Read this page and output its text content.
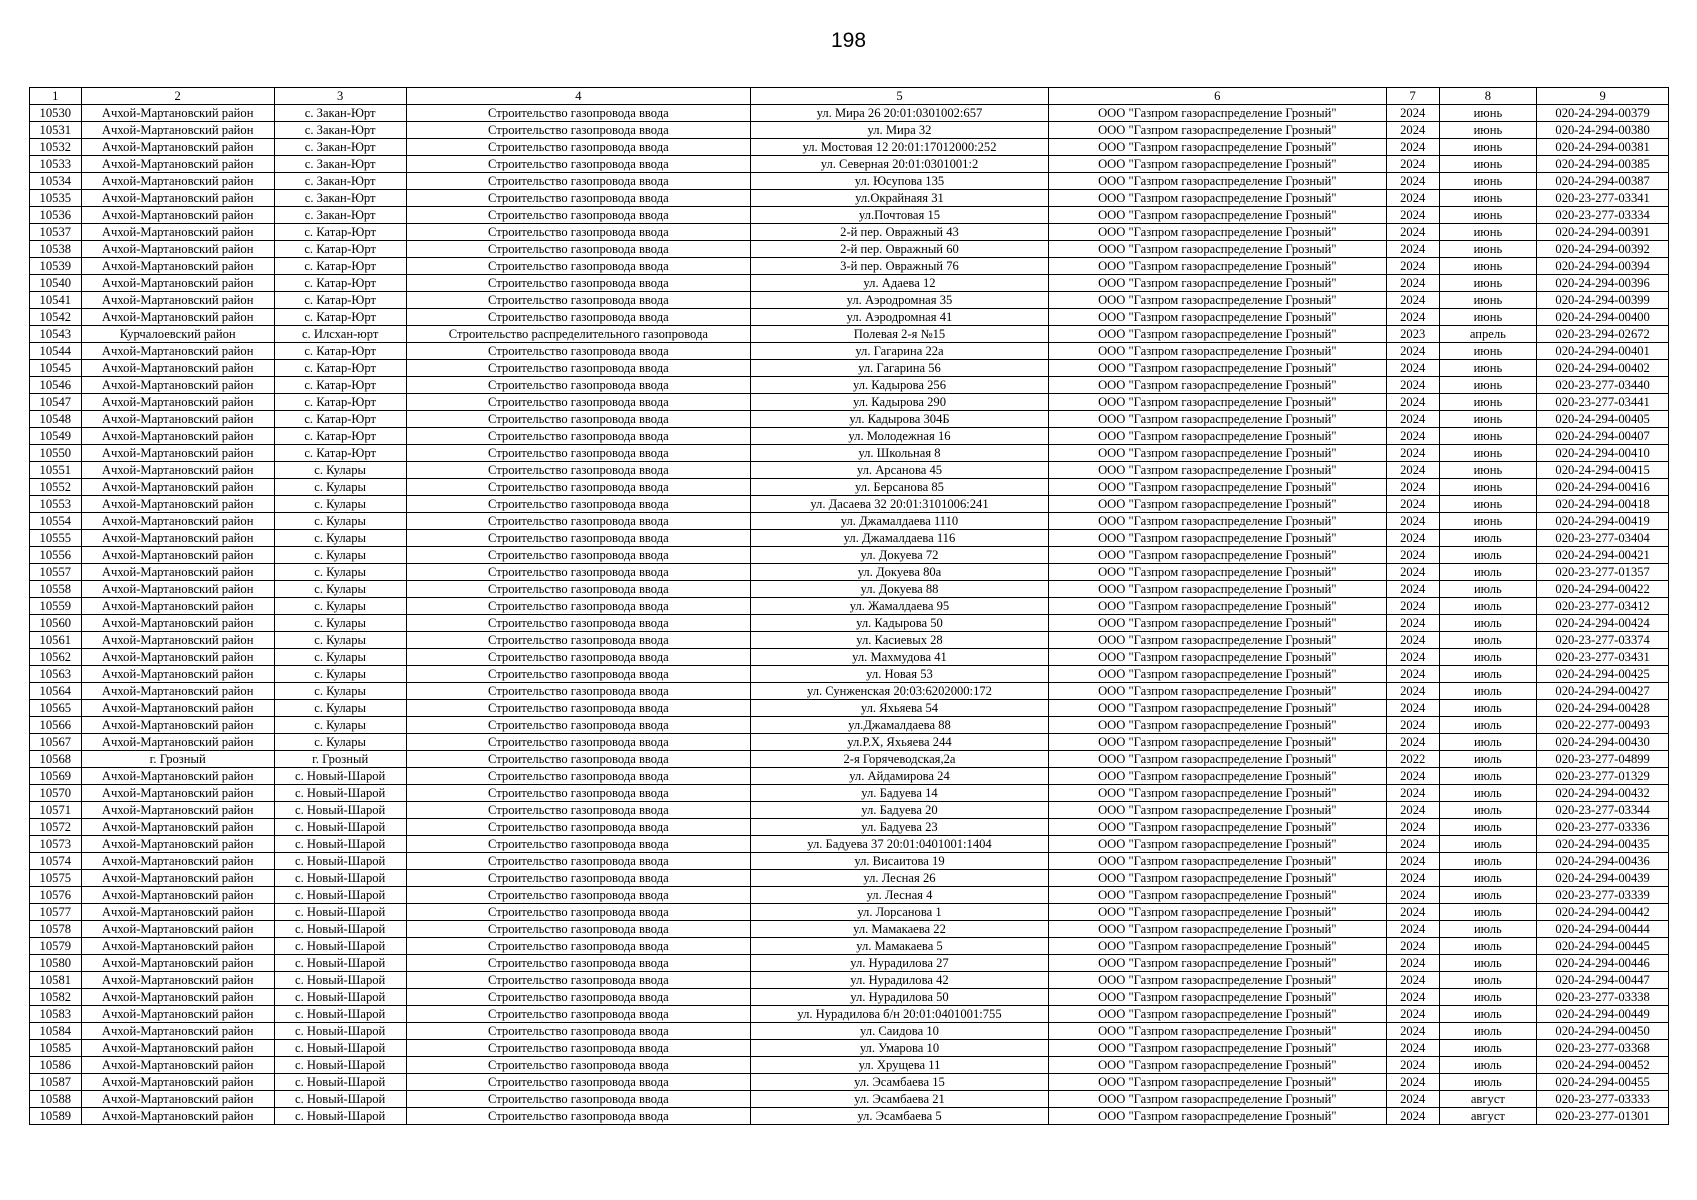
198
1	2	3	4	5	6	7	8	9
10530	Ачхой-Мартановский район	с. Закан-Юрт	Строительство газопровода ввода	ул. Мира 26 20:01:0301002:657	ООО "Газпром газораспределение Грозный"	2024	июнь	020-24-294-00379
10531	Ачхой-Мартановский район	с. Закан-Юрт	Строительство газопровода ввода	ул. Мира 32	ООО "Газпром газораспределение Грозный"	2024	июнь	020-24-294-00380
10532	Ачхой-Мартановский район	с. Закан-Юрт	Строительство газопровода ввода	ул. Мостовая 12 20:01:17012000:252	ООО "Газпром газораспределение Грозный"	2024	июнь	020-24-294-00381
10533	Ачхой-Мартановский район	с. Закан-Юрт	Строительство газопровода ввода	ул. Северная 20:01:0301001:2	ООО "Газпром газораспределение Грозный"	2024	июнь	020-24-294-00385
10534	Ачхой-Мартановский район	с. Закан-Юрт	Строительство газопровода ввода	ул. Юсупова 135	ООО "Газпром газораспределение Грозный"	2024	июнь	020-24-294-00387
10535	Ачхой-Мартановский район	с. Закан-Юрт	Строительство газопровода ввода	ул.Окрайнаяя 31	ООО "Газпром газораспределение Грозный"	2024	июнь	020-23-277-03341
10536	Ачхой-Мартановский район	с. Закан-Юрт	Строительство газопровода ввода	ул.Почтовая 15	ООО "Газпром газораспределение Грозный"	2024	июнь	020-23-277-03334
10537	Ачхой-Мартановский район	с. Катар-Юрт	Строительство газопровода ввода	2-й пер. Овражный 43	ООО "Газпром газораспределение Грозный"	2024	июнь	020-24-294-00391
10538	Ачхой-Мартановский район	с. Катар-Юрт	Строительство газопровода ввода	2-й пер. Овражный 60	ООО "Газпром газораспределение Грозный"	2024	июнь	020-24-294-00392
10539	Ачхой-Мартановский район	с. Катар-Юрт	Строительство газопровода ввода	3-й пер. Овражный 76	ООО "Газпром газораспределение Грозный"	2024	июнь	020-24-294-00394
10540	Ачхой-Мартановский район	с. Катар-Юрт	Строительство газопровода ввода	ул. Адаева 12	ООО "Газпром газораспределение Грозный"	2024	июнь	020-24-294-00396
10541	Ачхой-Мартановский район	с. Катар-Юрт	Строительство газопровода ввода	ул. Аэродромная 35	ООО "Газпром газораспределение Грозный"	2024	июнь	020-24-294-00399
10542	Ачхой-Мартановский район	с. Катар-Юрт	Строительство газопровода ввода	ул. Аэродромная 41	ООО "Газпром газораспределение Грозный"	2024	июнь	020-24-294-00400
10543	Курчалоевский район	с. Илсхан-юрт	Строительство распределительного газопровода	Полевая 2-я №15	ООО "Газпром газораспределение Грозный"	2023	апрель	020-23-294-02672
10544	Ачхой-Мартановский район	с. Катар-Юрт	Строительство газопровода ввода	ул. Гагарина 22а	ООО "Газпром газораспределение Грозный"	2024	июнь	020-24-294-00401
10545	Ачхой-Мартановский район	с. Катар-Юрт	Строительство газопровода ввода	ул. Гагарина 56	ООО "Газпром газораспределение Грозный"	2024	июнь	020-24-294-00402
10546	Ачхой-Мартановский район	с. Катар-Юрт	Строительство газопровода ввода	ул. Кадырова 256	ООО "Газпром газораспределение Грозный"	2024	июнь	020-23-277-03440
10547	Ачхой-Мартановский район	с. Катар-Юрт	Строительство газопровода ввода	ул. Кадырова 290	ООО "Газпром газораспределение Грозный"	2024	июнь	020-23-277-03441
10548	Ачхой-Мартановский район	с. Катар-Юрт	Строительство газопровода ввода	ул. Кадырова 304Б	ООО "Газпром газораспределение Грозный"	2024	июнь	020-24-294-00405
10549	Ачхой-Мартановский район	с. Катар-Юрт	Строительство газопровода ввода	ул. Молодежная 16	ООО "Газпром газораспределение Грозный"	2024	июнь	020-24-294-00407
10550	Ачхой-Мартановский район	с. Катар-Юрт	Строительство газопровода ввода	ул. Школьная 8	ООО "Газпром газораспределение Грозный"	2024	июнь	020-24-294-00410
10551	Ачхой-Мартановский район	с. Кулары	Строительство газопровода ввода	ул. Арсанова 45	ООО "Газпром газораспределение Грозный"	2024	июнь	020-24-294-00415
10552	Ачхой-Мартановский район	с. Кулары	Строительство газопровода ввода	ул. Берсанова 85	ООО "Газпром газораспределение Грозный"	2024	июнь	020-24-294-00416
10553	Ачхой-Мартановский район	с. Кулары	Строительство газопровода ввода	ул. Дасаева 32 20:01:3101006:241	ООО "Газпром газораспределение Грозный"	2024	июнь	020-24-294-00418
10554	Ачхой-Мартановский район	с. Кулары	Строительство газопровода ввода	ул. Джамалдаева 1110	ООО "Газпром газораспределение Грозный"	2024	июнь	020-24-294-00419
10555	Ачхой-Мартановский район	с. Кулары	Строительство газопровода ввода	ул. Джамалдаева 116	ООО "Газпром газораспределение Грозный"	2024	июль	020-23-277-03404
10556	Ачхой-Мартановский район	с. Кулары	Строительство газопровода ввода	ул. Докуева 72	ООО "Газпром газораспределение Грозный"	2024	июль	020-24-294-00421
10557	Ачхой-Мартановский район	с. Кулары	Строительство газопровода ввода	ул. Докуева 80а	ООО "Газпром газораспределение Грозный"	2024	июль	020-23-277-01357
10558	Ачхой-Мартановский район	с. Кулары	Строительство газопровода ввода	ул. Докуева 88	ООО "Газпром газораспределение Грозный"	2024	июль	020-24-294-00422
10559	Ачхой-Мартановский район	с. Кулары	Строительство газопровода ввода	ул. Жамалдаева 95	ООО "Газпром газораспределение Грозный"	2024	июль	020-23-277-03412
10560	Ачхой-Мартановский район	с. Кулары	Строительство газопровода ввода	ул. Кадырова 50	ООО "Газпром газораспределение Грозный"	2024	июль	020-24-294-00424
10561	Ачхой-Мартановский район	с. Кулары	Строительство газопровода ввода	ул. Касиевых 28	ООО "Газпром газораспределение Грозный"	2024	июль	020-23-277-03374
10562	Ачхой-Мартановский район	с. Кулары	Строительство газопровода ввода	ул. Махмудова 41	ООО "Газпром газораспределение Грозный"	2024	июль	020-23-277-03431
10563	Ачхой-Мартановский район	с. Кулары	Строительство газопровода ввода	ул. Новая 53	ООО "Газпром газораспределение Грозный"	2024	июль	020-24-294-00425
10564	Ачхой-Мартановский район	с. Кулары	Строительство газопровода ввода	ул. Сунженская 20:03:6202000:172	ООО "Газпром газораспределение Грозный"	2024	июль	020-24-294-00427
10565	Ачхой-Мартановский район	с. Кулары	Строительство газопровода ввода	ул. Яхьяева 54	ООО "Газпром газораспределение Грозный"	2024	июль	020-24-294-00428
10566	Ачхой-Мартановский район	с. Кулары	Строительство газопровода ввода	ул.Джамалдаева 88	ООО "Газпром газораспределение Грозный"	2024	июль	020-22-277-00493
10567	Ачхой-Мартановский район	с. Кулары	Строительство газопровода ввода	ул.Р.Х, Яхьяева 244	ООО "Газпром газораспределение Грозный"	2024	июль	020-24-294-00430
10568	г. Грозный	г. Грозный	Строительство газопровода ввода	2-я Горячеводская,2а	ООО "Газпром газораспределение Грозный"	2022	июль	020-23-277-04899
10569	Ачхой-Мартановский район	с. Новый-Шарой	Строительство газопровода ввода	ул. Айдамирова 24	ООО "Газпром газораспределение Грозный"	2024	июль	020-23-277-01329
10570	Ачхой-Мартановский район	с. Новый-Шарой	Строительство газопровода ввода	ул. Бадуева 14	ООО "Газпром газораспределение Грозный"	2024	июль	020-24-294-00432
10571	Ачхой-Мартановский район	с. Новый-Шарой	Строительство газопровода ввода	ул. Бадуева 20	ООО "Газпром газораспределение Грозный"	2024	июль	020-23-277-03344
10572	Ачхой-Мартановский район	с. Новый-Шарой	Строительство газопровода ввода	ул. Бадуева 23	ООО "Газпром газораспределение Грозный"	2024	июль	020-23-277-03336
10573	Ачхой-Мартановский район	с. Новый-Шарой	Строительство газопровода ввода	ул. Бадуева 37 20:01:0401001:1404	ООО "Газпром газораспределение Грозный"	2024	июль	020-24-294-00435
10574	Ачхой-Мартановский район	с. Новый-Шарой	Строительство газопровода ввода	ул. Висаитова 19	ООО "Газпром газораспределение Грозный"	2024	июль	020-24-294-00436
10575	Ачхой-Мартановский район	с. Новый-Шарой	Строительство газопровода ввода	ул. Лесная 26	ООО "Газпром газораспределение Грозный"	2024	июль	020-24-294-00439
10576	Ачхой-Мартановский район	с. Новый-Шарой	Строительство газопровода ввода	ул. Лесная 4	ООО "Газпром газораспределение Грозный"	2024	июль	020-23-277-03339
10577	Ачхой-Мартановский район	с. Новый-Шарой	Строительство газопровода ввода	ул. Лорсанова 1	ООО "Газпром газораспределение Грозный"	2024	июль	020-24-294-00442
10578	Ачхой-Мартановский район	с. Новый-Шарой	Строительство газопровода ввода	ул. Мамакаева 22	ООО "Газпром газораспределение Грозный"	2024	июль	020-24-294-00444
10579	Ачхой-Мартановский район	с. Новый-Шарой	Строительство газопровода ввода	ул. Мамакаева 5	ООО "Газпром газораспределение Грозный"	2024	июль	020-24-294-00445
10580	Ачхой-Мартановский район	с. Новый-Шарой	Строительство газопровода ввода	ул. Нурадилова 27	ООО "Газпром газораспределение Грозный"	2024	июль	020-24-294-00446
10581	Ачхой-Мартановский район	с. Новый-Шарой	Строительство газопровода ввода	ул. Нурадилова 42	ООО "Газпром газораспределение Грозный"	2024	июль	020-24-294-00447
10582	Ачхой-Мартановский район	с. Новый-Шарой	Строительство газопровода ввода	ул. Нурадилова 50	ООО "Газпром газораспределение Грозный"	2024	июль	020-23-277-03338
10583	Ачхой-Мартановский район	с. Новый-Шарой	Строительство газопровода ввода	ул. Нурадилова б/н 20:01:0401001:755	ООО "Газпром газораспределение Грозный"	2024	июль	020-24-294-00449
10584	Ачхой-Мартановский район	с. Новый-Шарой	Строительство газопровода ввода	ул. Саидова 10	ООО "Газпром газораспределение Грозный"	2024	июль	020-24-294-00450
10585	Ачхой-Мартановский район	с. Новый-Шарой	Строительство газопровода ввода	ул. Умарова 10	ООО "Газпром газораспределение Грозный"	2024	июль	020-23-277-03368
10586	Ачхой-Мартановский район	с. Новый-Шарой	Строительство газопровода ввода	ул. Хрущева 11	ООО "Газпром газораспределение Грозный"	2024	июль	020-24-294-00452
10587	Ачхой-Мартановский район	с. Новый-Шарой	Строительство газопровода ввода	ул. Эсамбаева 15	ООО "Газпром газораспределение Грозный"	2024	июль	020-24-294-00455
10588	Ачхой-Мартановский район	с. Новый-Шарой	Строительство газопровода ввода	ул. Эсамбаева 21	ООО "Газпром газораспределение Грозный"	2024	август	020-23-277-03333
10589	Ачхой-Мартановский район	с. Новый-Шарой	Строительство газопровода ввода	ул. Эсамбаева 5	ООО "Газпром газораспределение Грозный"	2024	август	020-23-277-01301
